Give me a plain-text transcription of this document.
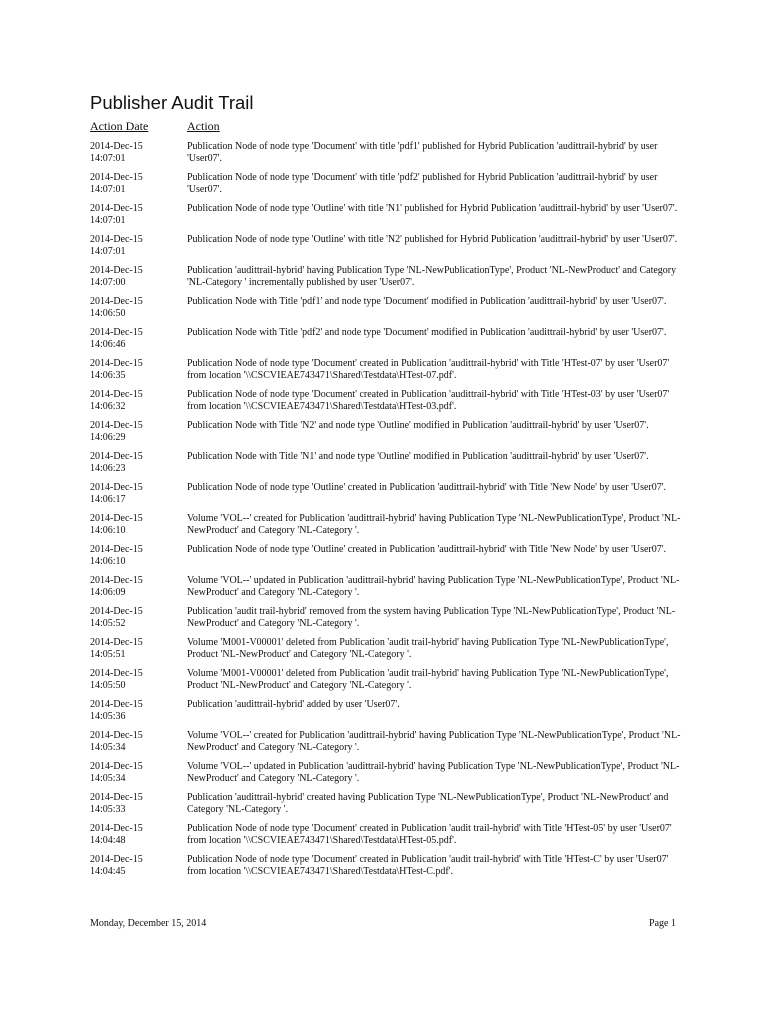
Publisher Audit Trail
Action Date	Action
2014-Dec-15
14:07:01
Publication Node of node type 'Document' with title 'pdf1' published for Hybrid Publication 'audittrail-hybrid' by user 'User07'.
2014-Dec-15
14:07:01
Publication Node of node type 'Document' with title 'pdf2' published for Hybrid Publication 'audittrail-hybrid' by user 'User07'.
2014-Dec-15
14:07:01
Publication Node of node type 'Outline' with title 'N1' published for Hybrid Publication 'audittrail-hybrid' by user 'User07'.
2014-Dec-15
14:07:01
Publication Node of node type 'Outline' with title 'N2' published for Hybrid Publication 'audittrail-hybrid' by user 'User07'.
2014-Dec-15
14:07:00
Publication 'audittrail-hybrid' having Publication Type 'NL-NewPublicationType', Product 'NL-NewProduct' and Category 'NL-Category ' incrementally published by user 'User07'.
2014-Dec-15
14:06:50
Publication Node with Title 'pdf1' and node type 'Document' modified in Publication 'audittrail-hybrid' by user 'User07'.
2014-Dec-15
14:06:46
Publication Node with Title 'pdf2' and node type 'Document' modified in Publication 'audittrail-hybrid' by user 'User07'.
2014-Dec-15
14:06:35
Publication Node of node type 'Document' created in Publication 'audittrail-hybrid' with Title 'HTest-07' by user 'User07' from location '\\CSCVIEAE743471\Shared\Testdata\HTest-07.pdf'.
2014-Dec-15
14:06:32
Publication Node of node type 'Document' created in Publication 'audittrail-hybrid' with Title 'HTest-03' by user 'User07' from location '\\CSCVIEAE743471\Shared\Testdata\HTest-03.pdf'.
2014-Dec-15
14:06:29
Publication Node with Title 'N2' and node type 'Outline' modified in Publication 'audittrail-hybrid' by user 'User07'.
2014-Dec-15
14:06:23
Publication Node with Title 'N1' and node type 'Outline' modified in Publication 'audittrail-hybrid' by user 'User07'.
2014-Dec-15
14:06:17
Publication Node of node type 'Outline' created in Publication 'audittrail-hybrid' with Title 'New Node' by user 'User07'.
2014-Dec-15
14:06:10
Volume 'VOL--' created for Publication 'audittrail-hybrid' having Publication Type 'NL-NewPublicationType', Product 'NL-NewProduct' and Category 'NL-Category '.
2014-Dec-15
14:06:10
Publication Node of node type 'Outline' created in Publication 'audittrail-hybrid' with Title 'New Node' by user 'User07'.
2014-Dec-15
14:06:09
Volume 'VOL--' updated in Publication 'audittrail-hybrid' having Publication Type 'NL-NewPublicationType', Product 'NL-NewProduct' and Category 'NL-Category '.
2014-Dec-15
14:05:52
Publication 'audit trail-hybrid' removed from the system having Publication Type 'NL-NewPublicationType', Product 'NL-NewProduct' and Category 'NL-Category '.
2014-Dec-15
14:05:51
Volume 'M001-V00001' deleted from Publication 'audit trail-hybrid' having Publication Type 'NL-NewPublicationType', Product 'NL-NewProduct' and Category 'NL-Category '.
2014-Dec-15
14:05:50
Volume 'M001-V00001' deleted from Publication 'audit trail-hybrid' having Publication Type 'NL-NewPublicationType', Product 'NL-NewProduct' and Category 'NL-Category '.
2014-Dec-15
14:05:36
Publication 'audittrail-hybrid' added by user 'User07'.
2014-Dec-15
14:05:34
Volume 'VOL--' created for Publication 'audittrail-hybrid' having Publication Type 'NL-NewPublicationType', Product 'NL-NewProduct' and Category 'NL-Category '.
2014-Dec-15
14:05:34
Volume 'VOL--' updated in Publication 'audittrail-hybrid' having Publication Type 'NL-NewPublicationType', Product 'NL-NewProduct' and Category 'NL-Category '.
2014-Dec-15
14:05:33
Publication 'audittrail-hybrid' created having Publication Type 'NL-NewPublicationType', Product 'NL-NewProduct' and Category 'NL-Category '.
2014-Dec-15
14:04:48
Publication Node of node type 'Document' created in Publication 'audit trail-hybrid' with Title 'HTest-05' by user 'User07' from location '\\CSCVIEAE743471\Shared\Testdata\HTest-05.pdf'.
2014-Dec-15
14:04:45
Publication Node of node type 'Document' created in Publication 'audit trail-hybrid' with Title 'HTest-C' by user 'User07' from location '\\CSCVIEAE743471\Shared\Testdata\HTest-C.pdf'.
Monday, December 15, 2014	Page 1
